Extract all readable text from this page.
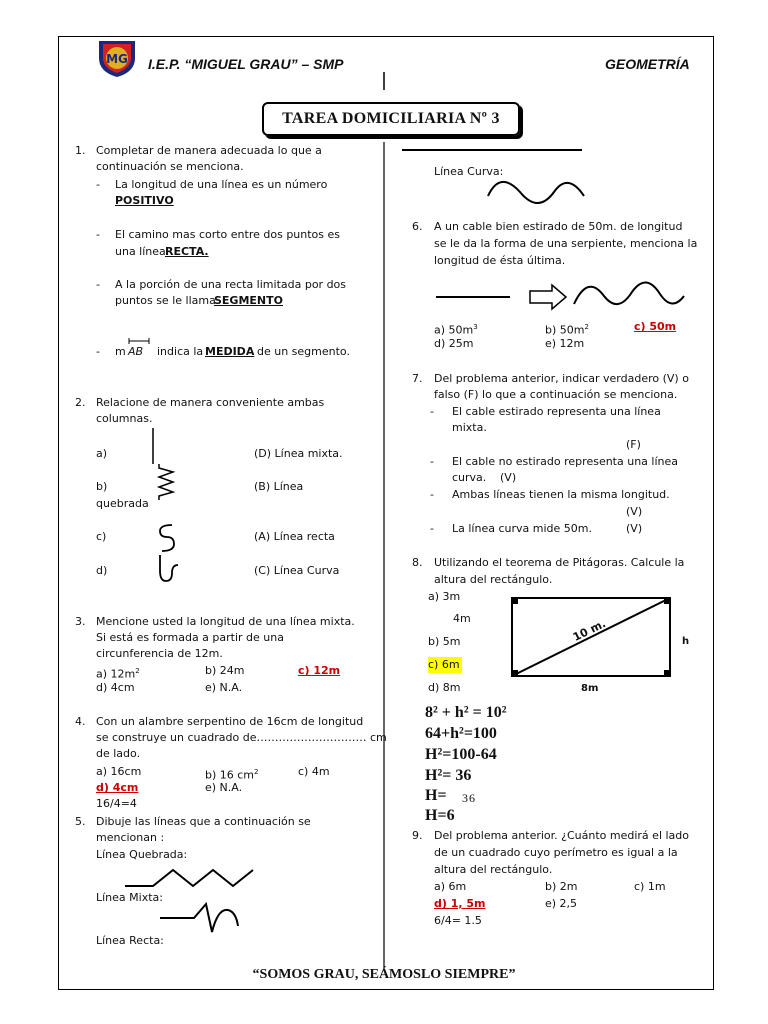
MG I.E.P. “MIGUEL GRAU” – SMP	GEOMETRÍA
TAREA DOMICILIARIA Nº 3
1. Completar de manera adecuada lo que a
continuación se menciona.
- La longitud de una línea es un número
POSITIVO
- El camino mas corto entre dos puntos es
una línea RECTA.
- A la porción de una recta limitada por dos
puntos se le llama
SEGMENTO
- m AB indica la MEDIDA de un segmento.
2. Relacione de manera conveniente ambas
columnas.
a)	(D) Línea mixta.
b)	(B) Línea
quebrada
c)	(A) Línea recta
d)	(C) Línea Curva
3. Mencione usted la longitud de una línea mixta.
Si está es formada a partir de una
circunferencia de 12m.
a) $12m^2$	b) 24m	c) 12m
d) 4cm	e) N.A.
4. Con un alambre serpentino de 16cm de longitud
se construye un cuadrado de………………………… cm
de lado.
a) 16cm	b) 16 $cm^2$	c) 4m
d) 4cm	e) N.A.
16/4=4
5. Dibuje las líneas que a continuación se
mencionan :
Línea Quebrada:
Línea Mixta:
Línea Recta:
Línea Curva:
6. A un cable bien estirado de 50m. de longitud
se le da la forma de una serpiente, menciona la
longitud de ésta última.
a) $50m^3$	b) $50m^2$	c) 50m
d) 25m	e) 12m
7. Del problema anterior, indicar verdadero (V) o
falso (F) lo que a continuación se menciona.
- El cable estirado representa una línea
mixta.
(F)
- El cable no estirado representa una línea
curva. (V)
- Ambas líneas tienen la misma longitud.
(V)
- La línea curva mide 50m.	(V)
8. Utilizando el teorema de Pitágoras. Calcule la
altura del rectángulo.
a) 3m
4m
b) 5m
c) 6m
d) 8m
10 m.	h
8m
8² + h² = 10²
64+h²=100
H²=100-64
H²= 36
H= 36
H=6
9. Del problema anterior. ¿Cuánto medirá el lado
de un cuadrado cuyo perímetro es igual a la
altura del rectángulo.
a) 6m	b) 2m	c) 1m
d) 1, 5m	e) 2,5
6/4= 1.5
“SOMOS GRAU, SEÁMOSLO SIEMPRE”
